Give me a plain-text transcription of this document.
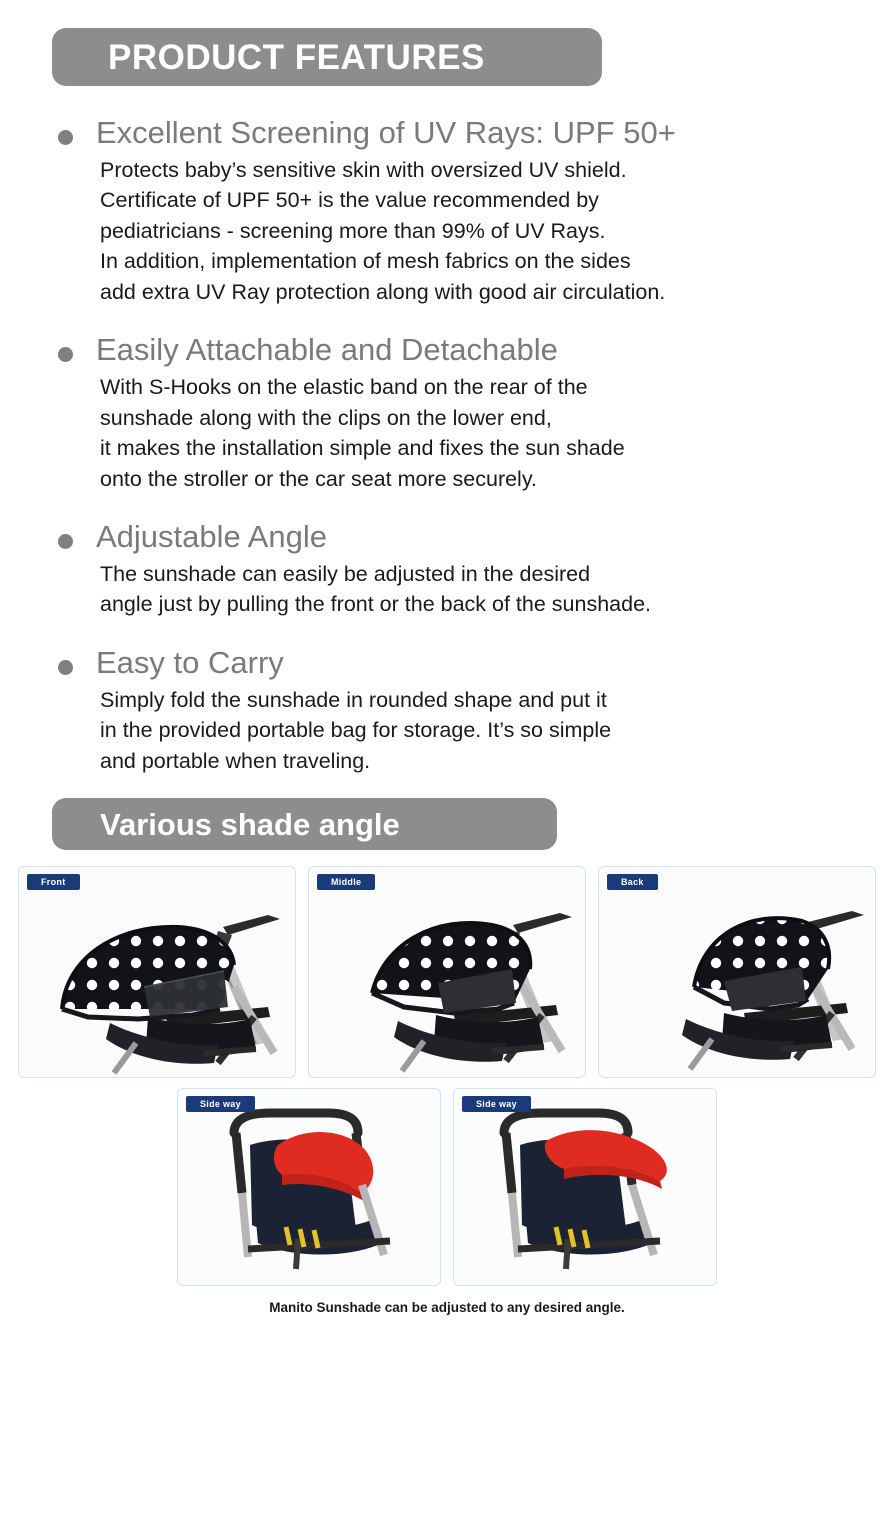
PRODUCT FEATURES
Excellent Screening of UV Rays: UPF 50+
Protects baby’s sensitive skin with oversized UV shield.
Certificate of UPF 50+ is the value recommended by
pediatricians - screening more than 99% of UV Rays.
In addition, implementation of mesh fabrics on the sides
add extra UV Ray protection along with good air circulation.
Easily Attachable and Detachable
With S-Hooks on the elastic band on the rear of the
sunshade along with the clips on the lower end,
it makes the installation simple and fixes the sun shade
onto the stroller or the car seat more securely.
Adjustable Angle
The sunshade can easily be adjusted in the desired
angle just by pulling the front or the back of the sunshade.
Easy to Carry
Simply fold the sunshade in rounded shape and put it
in the provided portable bag for storage. It’s so simple
and portable when traveling.
Various shade angle
Front	Middle	Back
Side way	Side way
Manito Sunshade can be adjusted to any desired angle.
